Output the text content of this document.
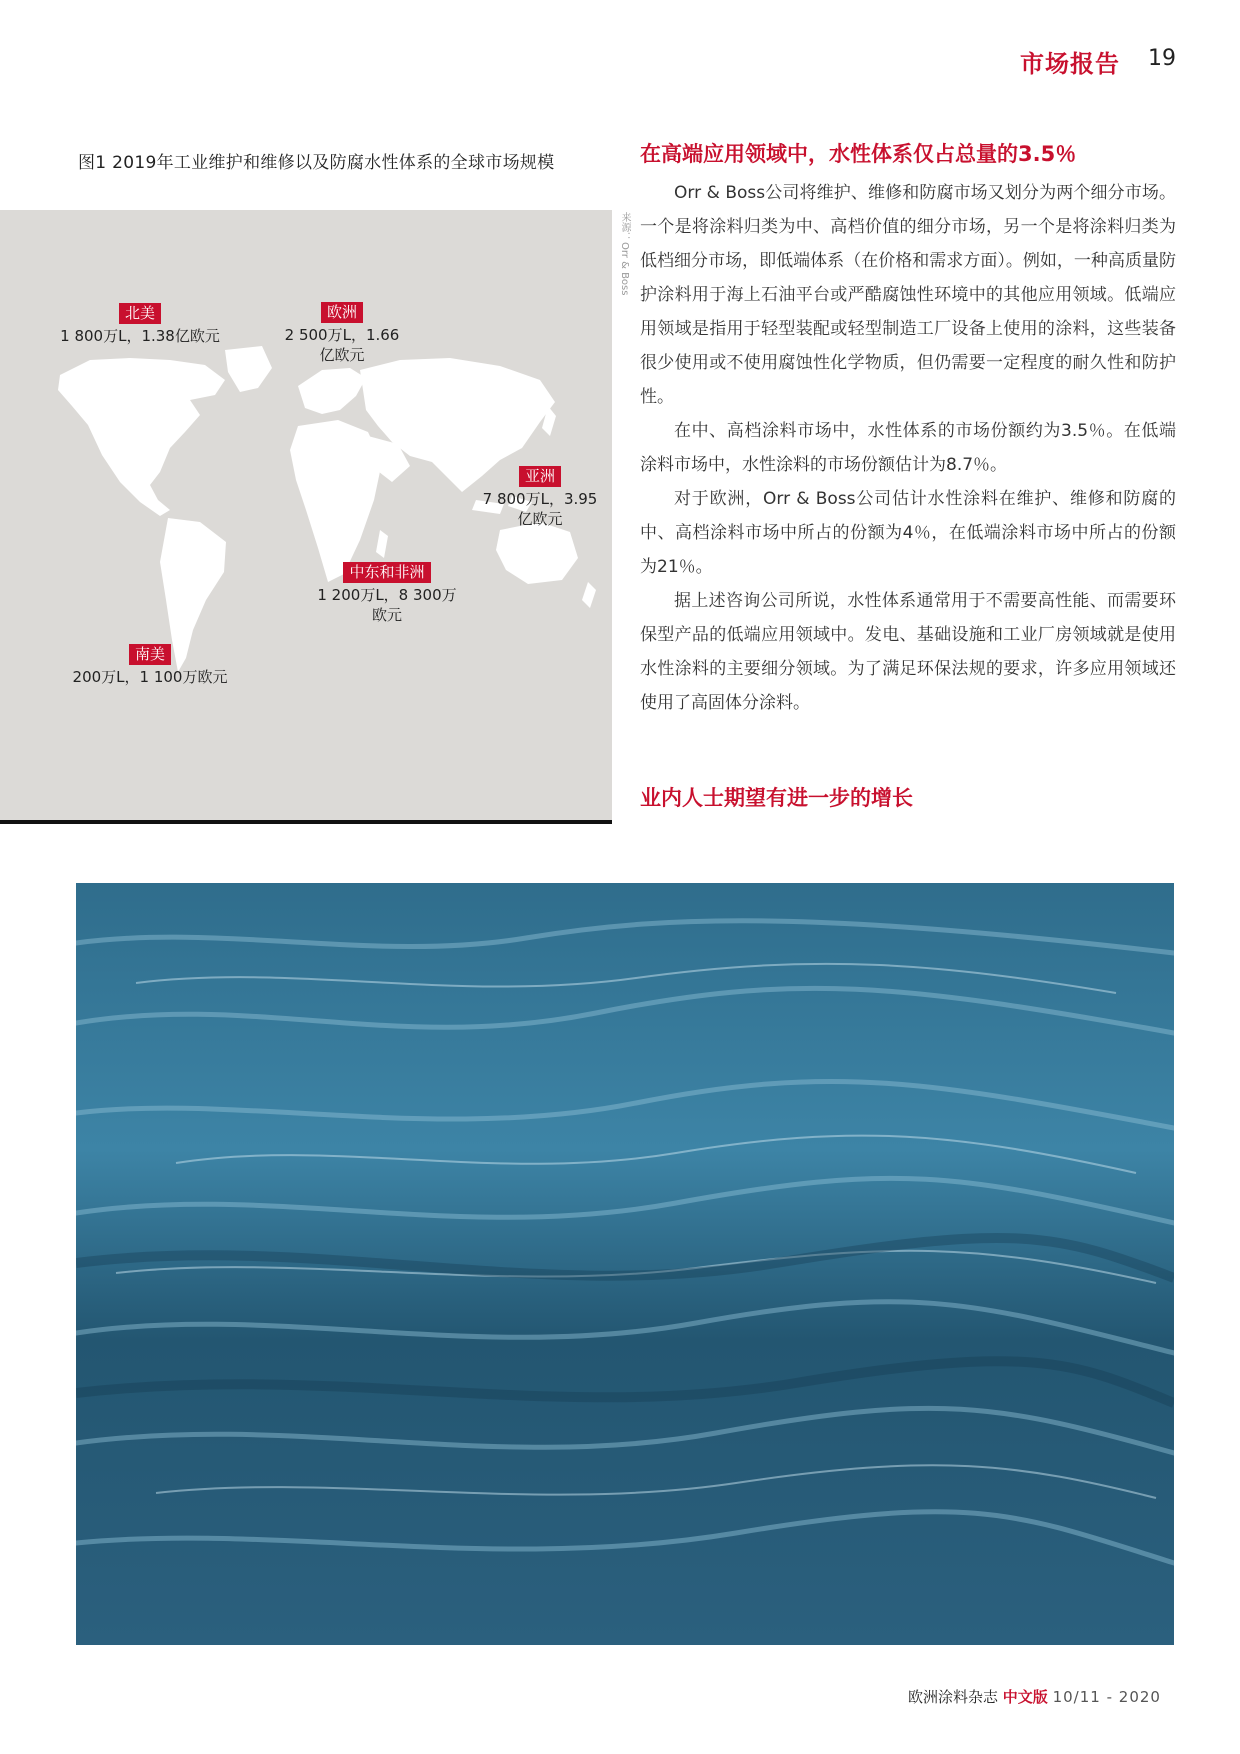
市场报告 19
图1 2019年工业维护和维修以及防腐水性体系的全球市场规模
北美
1 800万L，1.38亿欧元
欧洲
2 500万L，1.66
亿欧元
亚洲
7 800万L，3.95
亿欧元
中东和非洲
1 200万L，8 300万
欧元
南美
200万L，1 100万欧元
来源：Orr & Boss
在高端应用领域中，水性体系仅占总量的3.5％

Orr & Boss公司将维护、维修和防腐市场又划分为两个细分市场。一个是将涂料归类为中、高档价值的细分市场，另一个是将涂料归类为低档细分市场，即低端体系（在价格和需求方面）。例如，一种高质量防护涂料用于海上石油平台或严酷腐蚀性环境中的其他应用领域。低端应用领域是指用于轻型装配或轻型制造工厂设备上使用的涂料，这些装备很少使用或不使用腐蚀性化学物质，但仍需要一定程度的耐久性和防护性。

在中、高档涂料市场中，水性体系的市场份额约为3.5％。在低端涂料市场中，水性涂料的市场份额估计为8.7％。

对于欧洲，Orr & Boss公司估计水性涂料在维护、维修和防腐的中、高档涂料市场中所占的份额为4％，在低端涂料市场中所占的份额为21％。

据上述咨询公司所说，水性体系通常用于不需要高性能、而需要环保型产品的低端应用领域中。发电、基础设施和工业厂房领域就是使用水性涂料的主要细分领域。为了满足环保法规的要求，许多应用领域还使用了高固体分涂料。

业内人士期望有进一步的增长
欧洲涂料杂志 中文版 10/11 - 2020
